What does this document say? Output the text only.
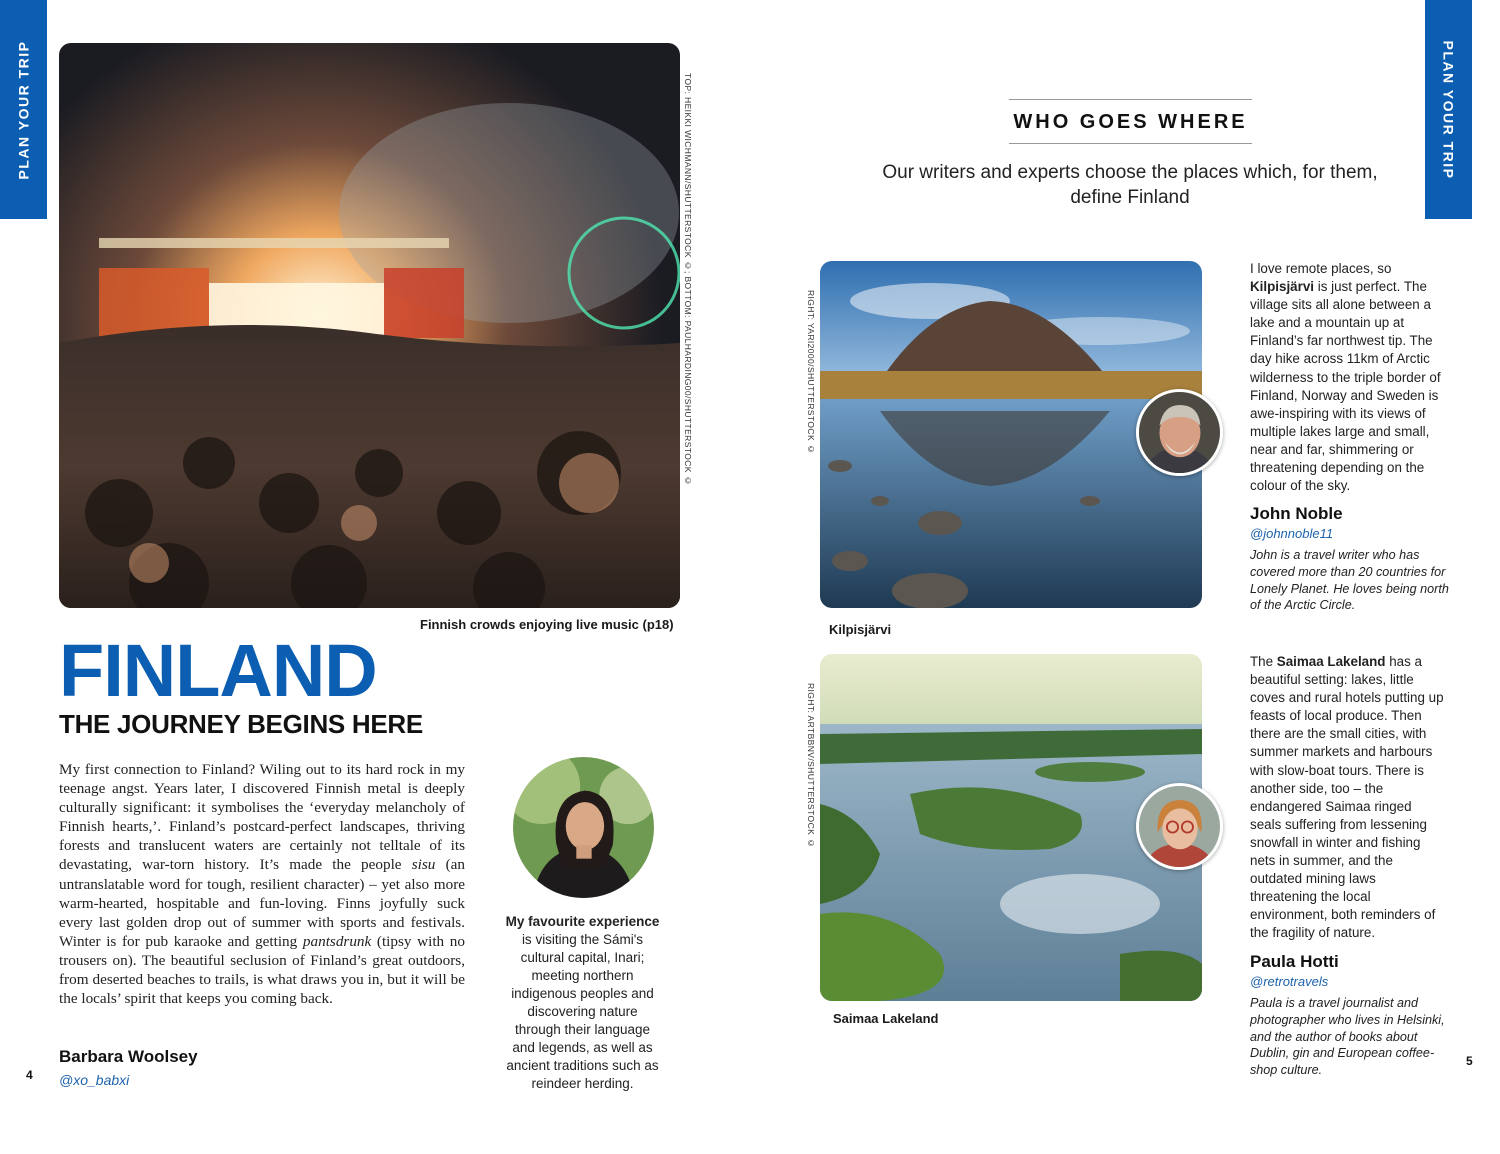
PLAN YOUR TRIP	PLAN YOUR TRIP
TOP: HEIKKI WICHMANN/SHUTTERSTOCK ©; BOTTOM: PAULHARDING00/SHUTTERSTOCK ©
Finnish crowds enjoying live music (p18)
FINLAND
THE JOURNEY BEGINS HERE
My first connection to Finland? Wiling out to its hard rock in my teenage angst. Years later, I discovered Finnish metal is deeply culturally significant: it symbolises the ‘everyday melancholy of Finnish hearts,’. Finland’s postcard-perfect landscapes, thriving forests and translucent waters are certainly not telltale of its devastating, war-torn history. It’s made the people sisu (an untranslatable word for tough, resilient character) – yet also more warm-hearted, hospitable and fun-loving. Finns joyfully suck every last golden drop out of summer with sports and festivals. Winter is for pub karaoke and getting pantsdrunk (tipsy with no trousers on). The beautiful seclusion of Finland’s great outdoors, from deserted beaches to trails, is what draws you in, but it will be the locals’ spirit that keeps you coming back.
Barbara Woolsey
@xo_babxi
My favourite experience is visiting the Sámi's cultural capital, Inari; meeting northern indigenous peoples and discovering nature through their language and legends, as well as ancient traditions such as reindeer herding.
4
WHO GOES WHERE
Our writers and experts choose the places which, for them, define Finland
RIGHT: YARI2000/SHUTTERSTOCK ©
Kilpisjärvi
I love remote places, so Kilpisjärvi is just perfect. The village sits all alone between a lake and a mountain up at Finland’s far northwest tip. The day hike across 11km of Arctic wilderness to the triple border of Finland, Norway and Sweden is awe-inspiring with its views of multiple lakes large and small, near and far, shimmering or threatening depending on the colour of the sky.
John Noble
@johnnoble11
John is a travel writer who has covered more than 20 countries for Lonely Planet. He loves being north of the Arctic Circle.
RIGHT: ARTBBNV/SHUTTERSTOCK ©
Saimaa Lakeland
The Saimaa Lakeland has a beautiful setting: lakes, little coves and rural hotels putting up feasts of local produce. Then there are the small cities, with summer markets and harbours with slow-boat tours. There is another side, too – the endangered Saimaa ringed seals suffering from lessening snowfall in winter and fishing nets in summer, and the outdated mining laws threatening the local environment, both reminders of the fragility of nature.
Paula Hotti
@retrotravels
Paula is a travel journalist and photographer who lives in Helsinki, and the author of books about Dublin, gin and European coffee-shop culture.
5
